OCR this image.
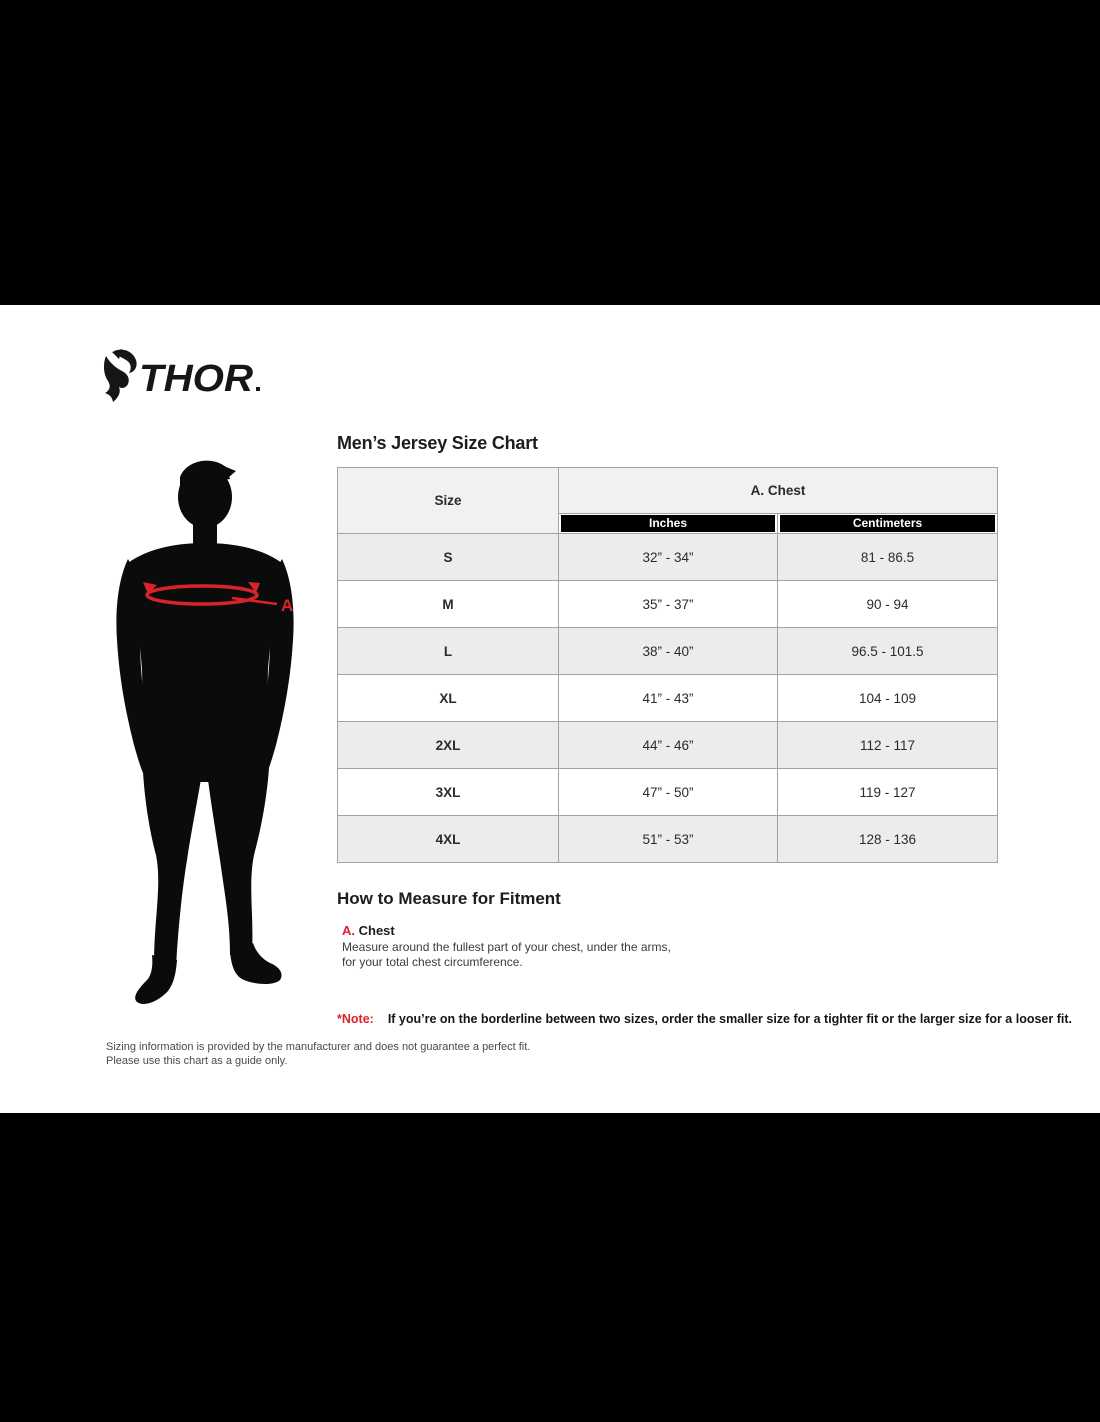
THOR
Men’s Jersey Size Chart
Size	A. Chest	

	Inches	Centimeters

S	32” - 34”	81 - 86.5
M	35” - 37”	90 - 94
L	38” - 40”	96.5 - 101.5
XL	41” - 43”	104 - 109
2XL	44” - 46”	112 - 117
3XL	47” - 50”	119 - 127
4XL	51” - 53”	128 - 136
A
How to Measure for Fitment
A. Chest
Measure around the fullest part of your chest, under the arms, for your total chest circumference.
*Note: If you’re on the borderline between two sizes, order the smaller size for a tighter fit or the larger size for a looser fit.
Sizing information is provided by the manufacturer and does not guarantee a perfect fit.
Please use this chart as a guide only.
